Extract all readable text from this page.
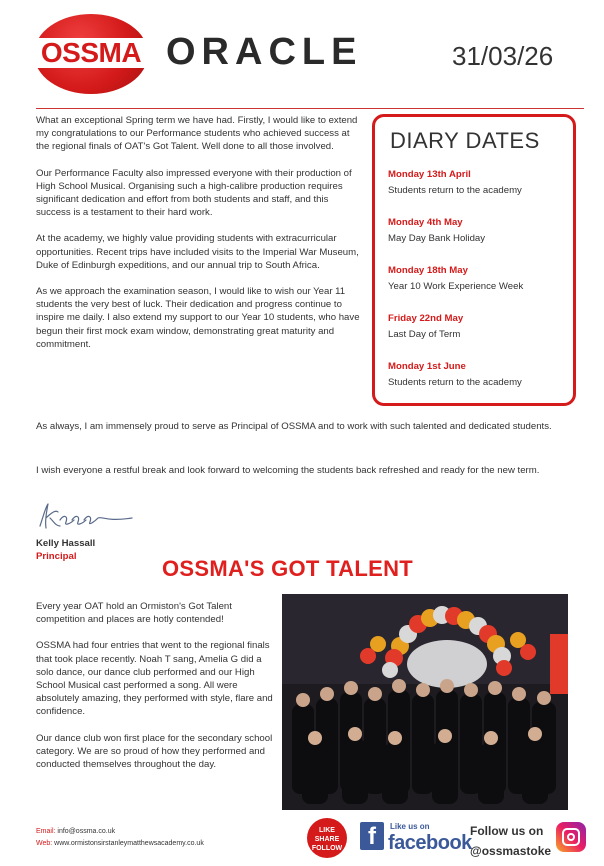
OSSMA ORACLE	31/03/26

What an exceptional Spring term we have had. Firstly, I would like to extend my congratulations to our Performance students who achieved success at the regional finals of OAT's Got Talent. Well done to all those involved.

Our Performance Faculty also impressed everyone with their production of High School Musical. Organising such a high-calibre production requires significant dedication and effort from both students and staff, and this success is a testament to their hard work.

At the academy, we highly value providing students with extracurricular opportunities. Recent trips have included visits to the Imperial War Museum, Duke of Edinburgh expeditions, and our annual trip to South Africa.

As we approach the examination season, I would like to wish our Year 11 students the very best of luck. Their dedication and progress continue to inspire me daily. I also extend my support to our Year 10 students, who have begun their first mock exam window, demonstrating great maturity and commitment.

DIARY DATES
Monday 13th April
Students return to the academy
Monday 4th May
May Day Bank Holiday
Monday 18th May
Year 10 Work Experience Week
Friday 22nd May
Last Day of Term
Monday 1st June
Students return to the academy
As always, I am immensely proud to serve as Principal of OSSMA and to work with such talented and dedicated students.
I wish everyone a restful break and look forward to welcoming the students back refreshed and ready for the new term.
Kelly Hassall
Principal	OSSMA'S GOT TALENT

Every year OAT hold an Ormiston's Got Talent competition and places are hotly contended!

OSSMA had four entries that went to the regional finals that took place recently. Noah T sang, Amelia G did a solo dance, our dance club performed and our High School Musical cast performed a song. All were absolutely amazing, they performed with style, flare and confidence.

Our dance club won first place for the secondary school category. We are so proud of how they performed and conducted themselves throughout the day.

Email: info@ossma.co.uk
Web: www.ormistonsirstanleymatthewsacademy.co.uk
LIKE
SHARE
FOLLOW	f	Like us on
facebook
Follow us on
@ossmastoke
